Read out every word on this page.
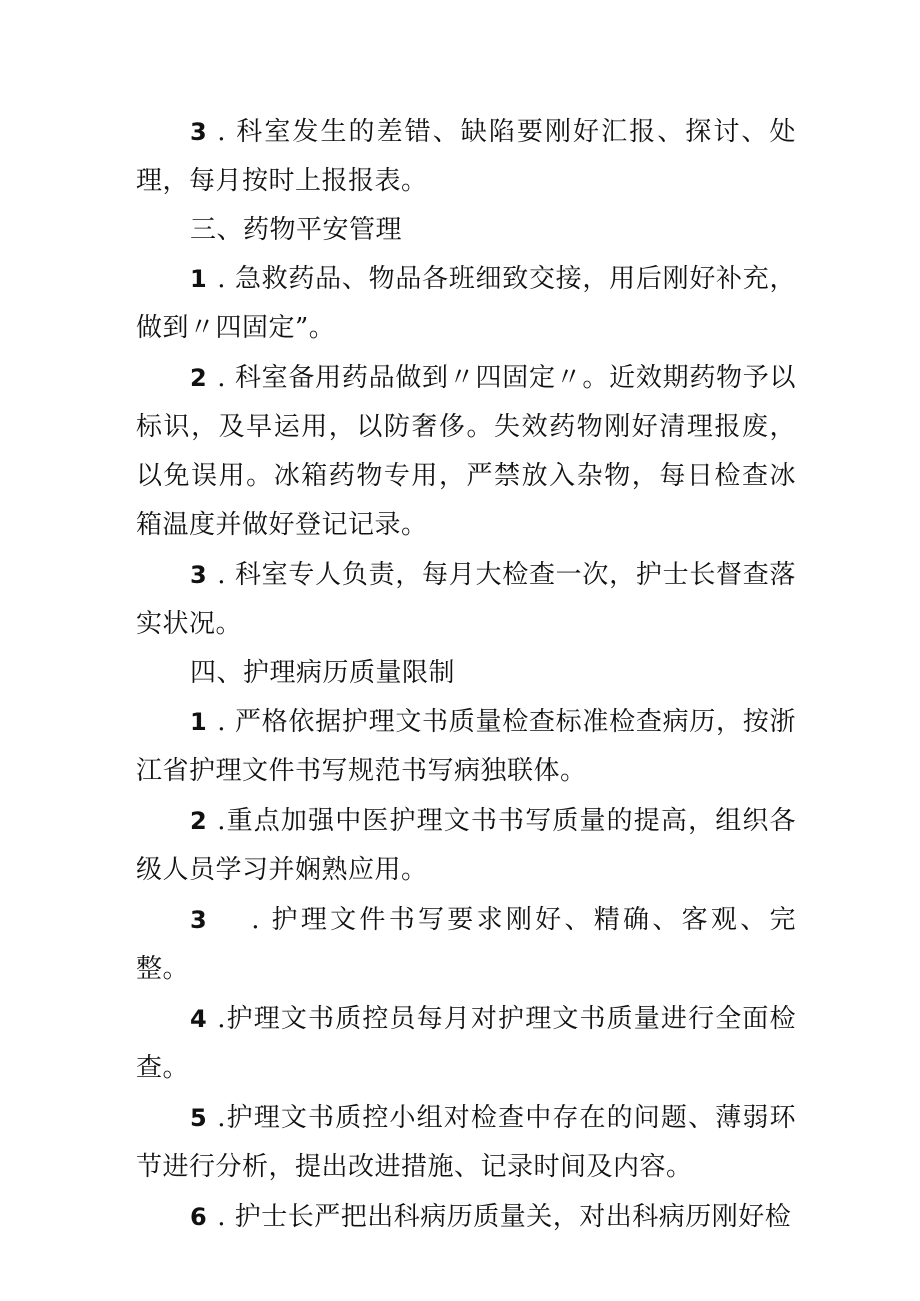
3 . 科室发生的差错、缺陷要刚好汇报、探讨、处理，每月按时上报报表。

三、药物平安管理

1 . 急救药品、物品各班细致交接，用后刚好补充，做到〃四固定”。

2 . 科室备用药品做到〃四固定〃。近效期药物予以标识，及早运用，以防奢侈。失效药物刚好清理报废，以免误用。冰箱药物专用，严禁放入杂物，每日检查冰箱温度并做好登记记录。

3 . 科室专人负责，每月大检查一次，护士长督查落实状况。

四、护理病历质量限制

1 . 严格依据护理文书质量检查标准检查病历，按浙江省护理文件书写规范书写病独联体。

2 .重点加强中医护理文书书写质量的提高，组织各级人员学习并娴熟应用。

3 . 护理文件书写要求刚好、精确、客观、完整。

4 .护理文书质控员每月对护理文书质量进行全面检查。

5 .护理文书质控小组对检查中存在的问题、薄弱环节进行分析，提出改进措施、记录时间及内容。

6 . 护士长严把出科病历质量关，对出科病历刚好检
